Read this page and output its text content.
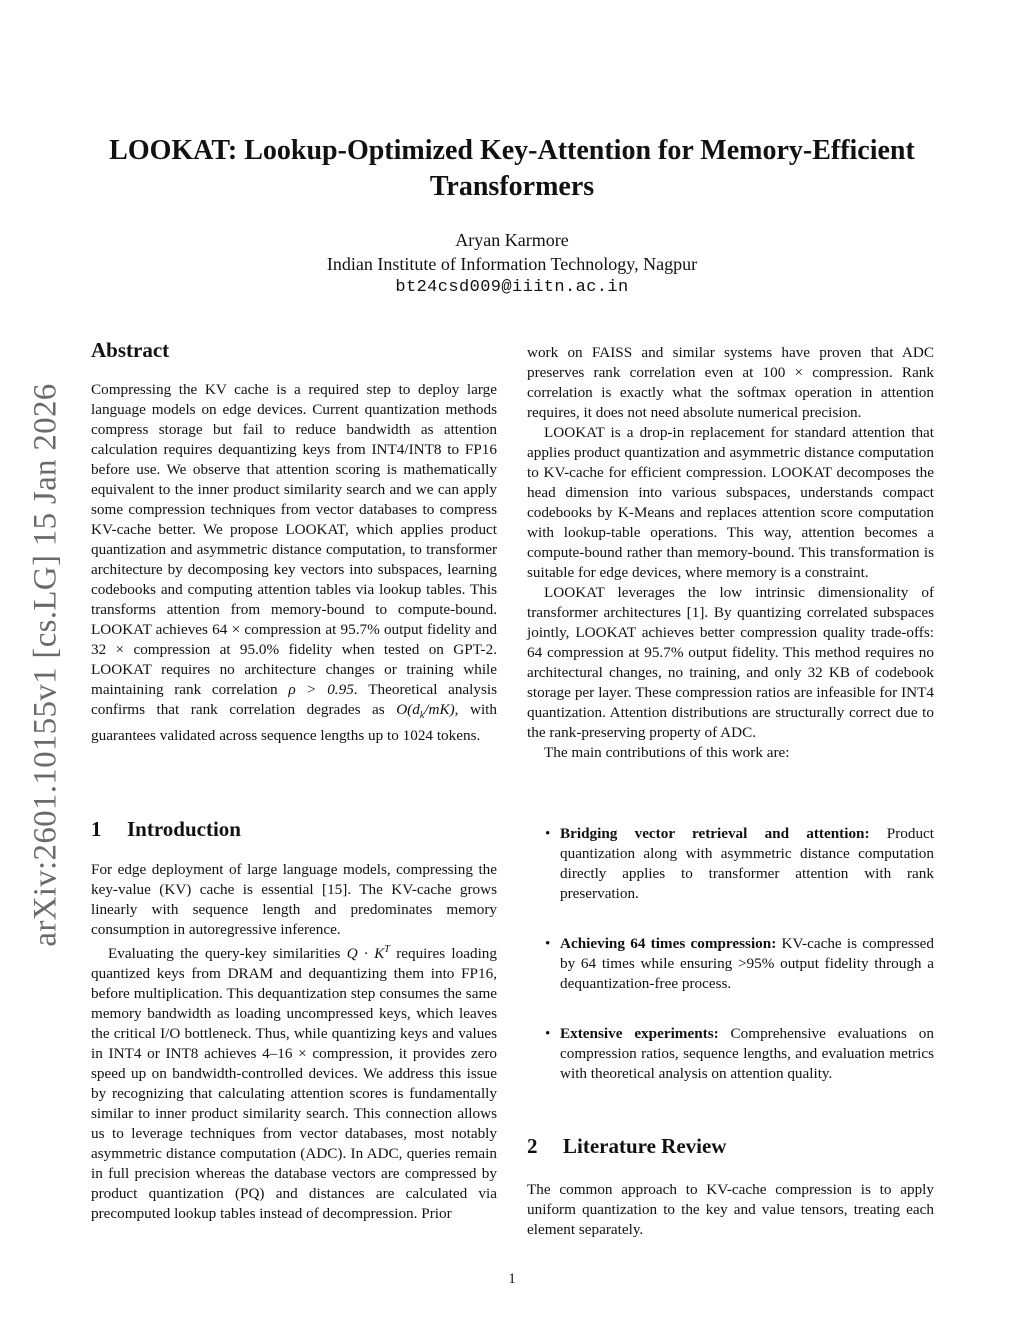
arXiv:2601.10155v1 [cs.LG] 15 Jan 2026
LOOKAT: Lookup-Optimized Key-Attention for Memory-Efficient Transformers
Aryan Karmore
Indian Institute of Information Technology, Nagpur
bt24csd009@iiitn.ac.in
Abstract

Compressing the KV cache is a required step to deploy large language models on edge devices. Current quantization methods compress storage but fail to reduce bandwidth as attention calculation requires dequantizing keys from INT4/INT8 to FP16 before use. We observe that attention scoring is mathematically equivalent to the inner product similarity search and we can apply some compression techniques from vector databases to compress KV-cache better. We propose LOOKAT, which applies product quantization and asymmetric distance computation, to transformer architecture by decomposing key vectors into subspaces, learning codebooks and computing attention tables via lookup tables. This transforms attention from memory-bound to compute-bound. LOOKAT achieves 64 × compression at 95.7% output fidelity and 32 × compression at 95.0% fidelity when tested on GPT-2. LOOKAT requires no architecture changes or training while maintaining rank correlation ρ > 0.95. Theoretical analysis confirms that rank correlation degrades as $O(d_k/mK)$, with guarantees validated across sequence lengths up to 1024 tokens.

1 Introduction

For edge deployment of large language models, compressing the key-value (KV) cache is essential [15]. The KV-cache grows linearly with sequence length and predominates memory consumption in autoregressive inference.

Evaluating the query-key similarities $Q \cdot K^T$ requires loading quantized keys from DRAM and dequantizing them into FP16, before multiplication. This dequantization step consumes the same memory bandwidth as loading uncompressed keys, which leaves the critical I/O bottleneck. Thus, while quantizing keys and values in INT4 or INT8 achieves 4–16 × compression, it provides zero speed up on bandwidth-controlled devices. We address this issue by recognizing that calculating attention scores is fundamentally similar to inner product similarity search. This connection allows us to leverage techniques from vector databases, most notably asymmetric distance computation (ADC). In ADC, queries remain in full precision whereas the database vectors are compressed by product quantization (PQ) and distances are calculated via precomputed lookup tables instead of decompression. Prior

work on FAISS and similar systems have proven that ADC preserves rank correlation even at 100 × compression. Rank correlation is exactly what the softmax operation in attention requires, it does not need absolute numerical precision.

LOOKAT is a drop-in replacement for standard attention that applies product quantization and asymmetric distance computation to KV-cache for efficient compression. LOOKAT decomposes the head dimension into various subspaces, understands compact codebooks by K-Means and replaces attention score computation with lookup-table operations. This way, attention becomes a compute-bound rather than memory-bound. This transformation is suitable for edge devices, where memory is a constraint.

LOOKAT leverages the low intrinsic dimensionality of transformer architectures [1]. By quantizing correlated subspaces jointly, LOOKAT achieves better compression quality trade-offs: 64 compression at 95.7% output fidelity. This method requires no architectural changes, no training, and only 32 KB of codebook storage per layer. These compression ratios are infeasible for INT4 quantization. Attention distributions are structurally correct due to the rank-preserving property of ADC.

The main contributions of this work are:

• Bridging vector retrieval and attention: Product quantization along with asymmetric distance computation directly applies to transformer attention with rank preservation.

• Achieving 64 times compression: KV-cache is compressed by 64 times while ensuring >95% output fidelity through a dequantization-free process.

• Extensive experiments: Comprehensive evaluations on compression ratios, sequence lengths, and evaluation metrics with theoretical analysis on attention quality.

2 Literature Review

The common approach to KV-cache compression is to apply uniform quantization to the key and value tensors, treating each element separately.

1
